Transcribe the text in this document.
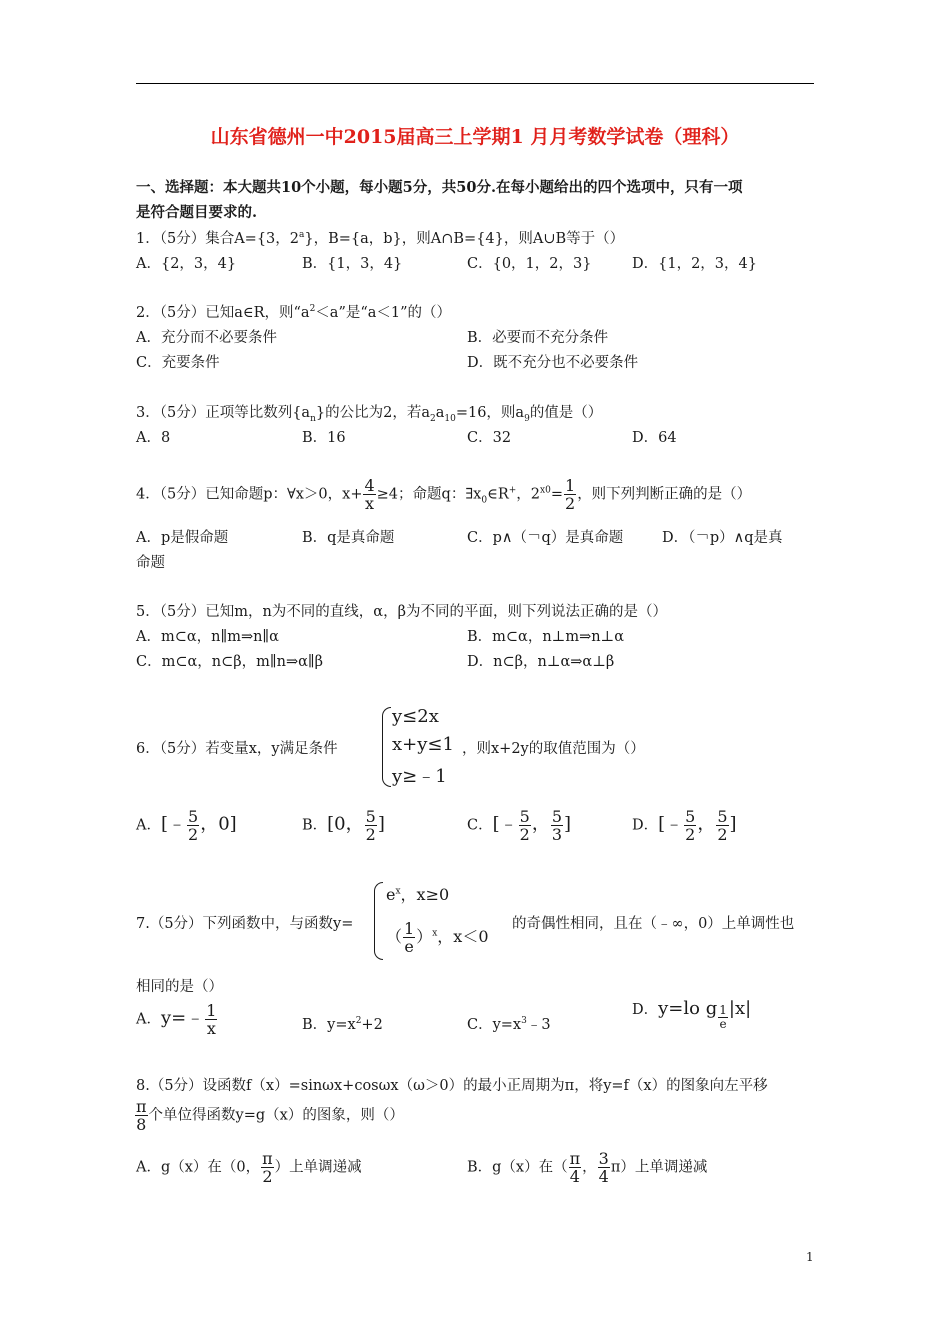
山东省德州一中2015届高三上学期1 月月考数学试卷（理科）
一、选择题：本大题共10个小题，每小题5分，共50分.在每小题给出的四个选项中，只有一项
是符合题目要求的.
1．（5分）集合A={3，2$^a$}，B={a，b}，则A∩B={4}，则A∪B等于（）
A．{2，3，4}	B．{1，3，4}	C．{0，1，2，3}	D．{1，2，3，4}
2．（5分）已知a∈R，则“$a^2<a$”是“a＜1”的（）
A．充分而不必要条件	B．必要而不充分条件
C．充要条件	D．既不充分也不必要条件
3．（5分）正项等比数列$\{a_n\}$的公比为2，若$a_2a_{10}=16$，则$a_9$的值是（）
A．8	B．16	C．32	D．64
4．（5分）已知命题p：∀x＞0，$x+ \frac{4}{x} \ge 4$；命题q：$\exists x_0\in R^+$，$2^{x0}= \frac{1}{2}$ ，则下列判断正确的是（）
A．p是假命题	B．q是真命题	C．p∧（￢q）是真命题	D．（￢p）∧q是真
命题
5．（5分）已知m，n为不同的直线，α，β为不同的平面，则下列说法正确的是（）
A．m⊂α，n∥m⇒n∥α	B．m⊂α，n⊥m⇒n⊥α
C．m⊂α，n⊂β，m∥n⇒α∥β	D．n⊂β，n⊥α⇒α⊥β
6．（5分）若变量x，y满足条件
y≤2x
x+y≤1
y≥﹣1
，则x+2y的取值范围为（）
A．[﹣ $\frac{5}{2}$ ，0]	B．[0， $\frac{5}{2}$ ]	C．[﹣ $\frac{5}{2}$ ， $\frac{5}{3}$ ]	D．[﹣ $\frac{5}{2}$ ， $\frac{5}{2}$ ]
7.（5分）下列函数中，与函数y=
$e^x$，x≥0
（ $\frac{1}{e} )^x$，x＜0
的奇偶性相同，且在（﹣∞，0）上单调性也
相同的是（）
A．y=﹣ $\frac{1}{x}$	B．$y=x^2+2$	C．$y=x^3﹣3$
D．y=lo g $\frac{1}{e} |x|$
8.（5分）设函数f（x）=sinωx+cosωx（ω＞0）的最小正周期为π，将y=f（x）的图象向左平移
$\frac{\pi}{8}$ 个单位得函数y=g（x）的图象，则（）
A．g（x）在（0， $\frac{\pi}{2}$ ）上单调递减	B．g（x）在（ $\frac{\pi}{4}$ ， $\frac{3}{4} \pi$）上单调递减
1
